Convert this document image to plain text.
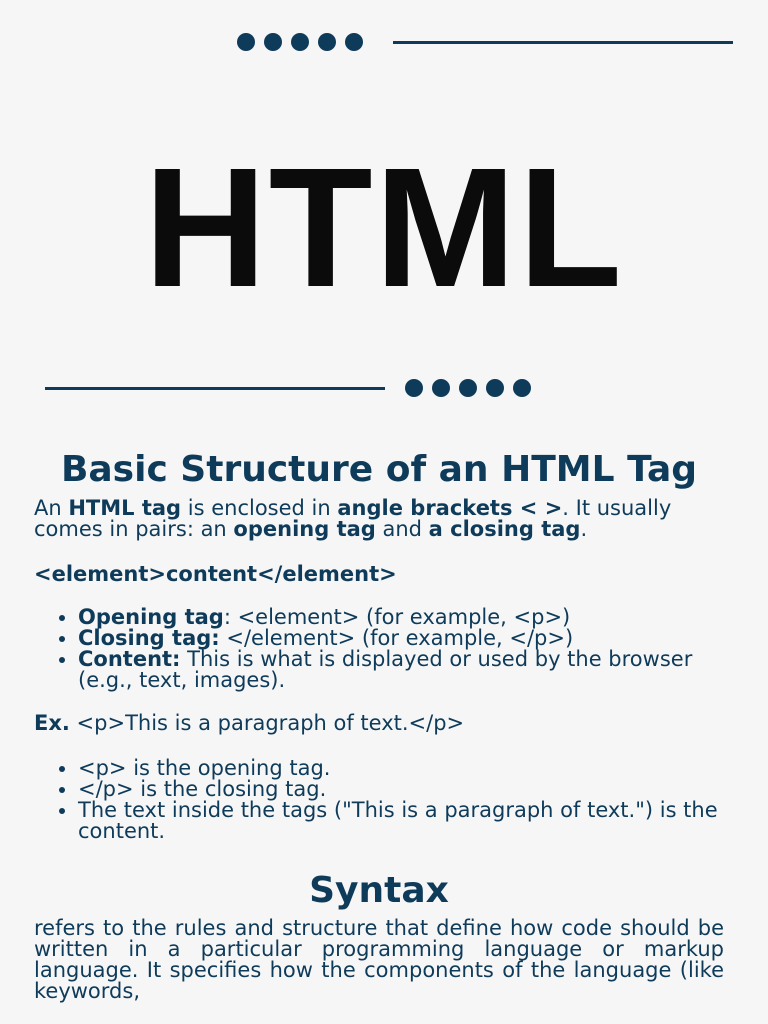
HTML
Basic Structure of an HTML Tag

An HTML tag is enclosed in angle brackets < >. It usually comes in pairs: an opening tag and a closing tag.

<element>content</element>
• Opening tag: <element> (for example, <p>)
• Closing tag: </element> (for example, </p>)
• Content: This is what is displayed or used by the browser (e.g., text, images).

Ex. <p>This is a paragraph of text.</p>

• <p> is the opening tag.
• </p> is the closing tag.
• The text inside the tags ("This is a paragraph of text.") is the content.
Syntax

refers to the rules and structure that define how code should be written in a particular programming language or markup language. It specifies how the components of the language (like keywords,
